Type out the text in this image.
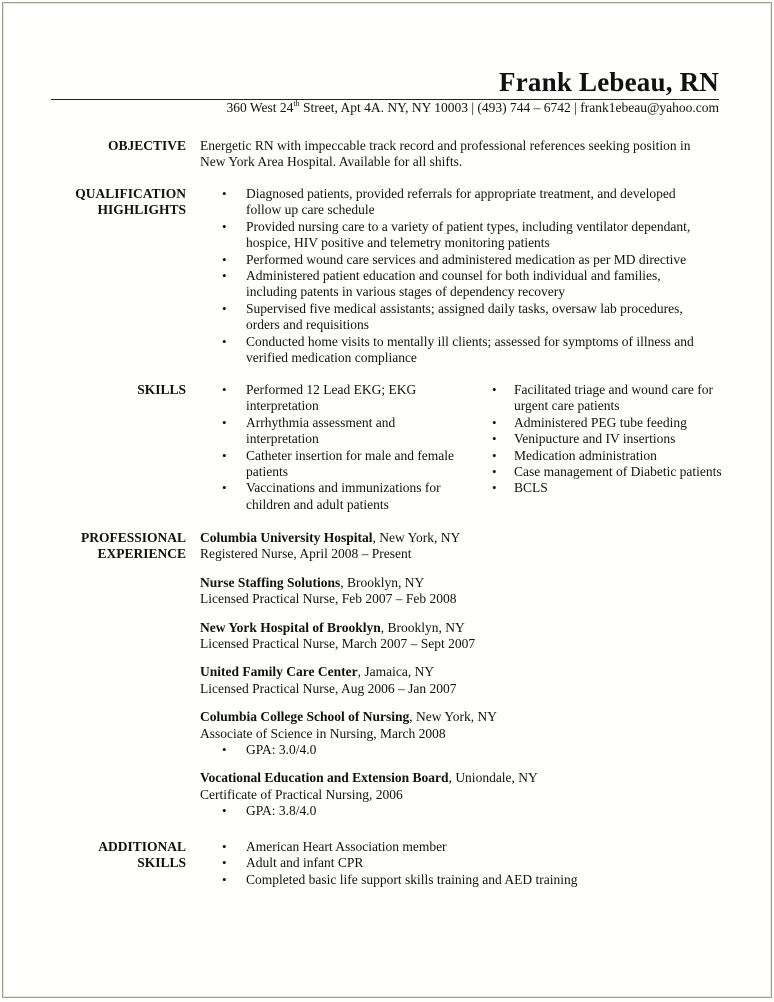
Frank Lebeau, RN
360 West 24th Street, Apt 4A. NY, NY 10003 | (493) 744 – 6742 | frank1ebeau@yahoo.com
OBJECTIVE Energetic RN with impeccable track record and professional references seeking position in New York Area Hospital. Available for all shifts.
QUALIFICATION
HIGHLIGHTS
• Diagnosed patients, provided referrals for appropriate treatment, and developed follow up care schedule
• Provided nursing care to a variety of patient types, including ventilator dependant, hospice, HIV positive and telemetry monitoring patients
• Performed wound care services and administered medication as per MD directive
• Administered patient education and counsel for both individual and families, including patents in various stages of dependency recovery
• Supervised five medical assistants; assigned daily tasks, oversaw lab procedures, orders and requisitions
• Conducted home visits to mentally ill clients; assessed for symptoms of illness and verified medication compliance
SKILLS
•	Performed 12 Lead EKG; EKG interpretation
• Arrhythmia assessment and interpretation
• Catheter insertion for male and female patients
• Vaccinations and immunizations for children and adult patients
• Facilitated triage and wound care for urgent care patients
• Administered PEG tube feeding
• Venipucture and IV insertions
• Medication administration
• Case management of Diabetic patients
• BCLS
PROFESSIONAL
EXPERIENCE
Columbia University Hospital, New York, NY
Registered Nurse, April 2008 – Present
Nurse Staffing Solutions, Brooklyn, NY
Licensed Practical Nurse, Feb 2007 – Feb 2008
New York Hospital of Brooklyn, Brooklyn, NY
Licensed Practical Nurse, March 2007 – Sept 2007
United Family Care Center, Jamaica, NY
Licensed Practical Nurse, Aug 2006 – Jan 2007
Columbia College School of Nursing, New York, NY
Associate of Science in Nursing, March 2008
• GPA: 3.0/4.0
Vocational Education and Extension Board, Uniondale, NY
Certificate of Practical Nursing, 2006
• GPA: 3.8/4.0
ADDITIONAL
SKILLS
• American Heart Association member
• Adult and infant CPR
• Completed basic life support skills training and AED training
